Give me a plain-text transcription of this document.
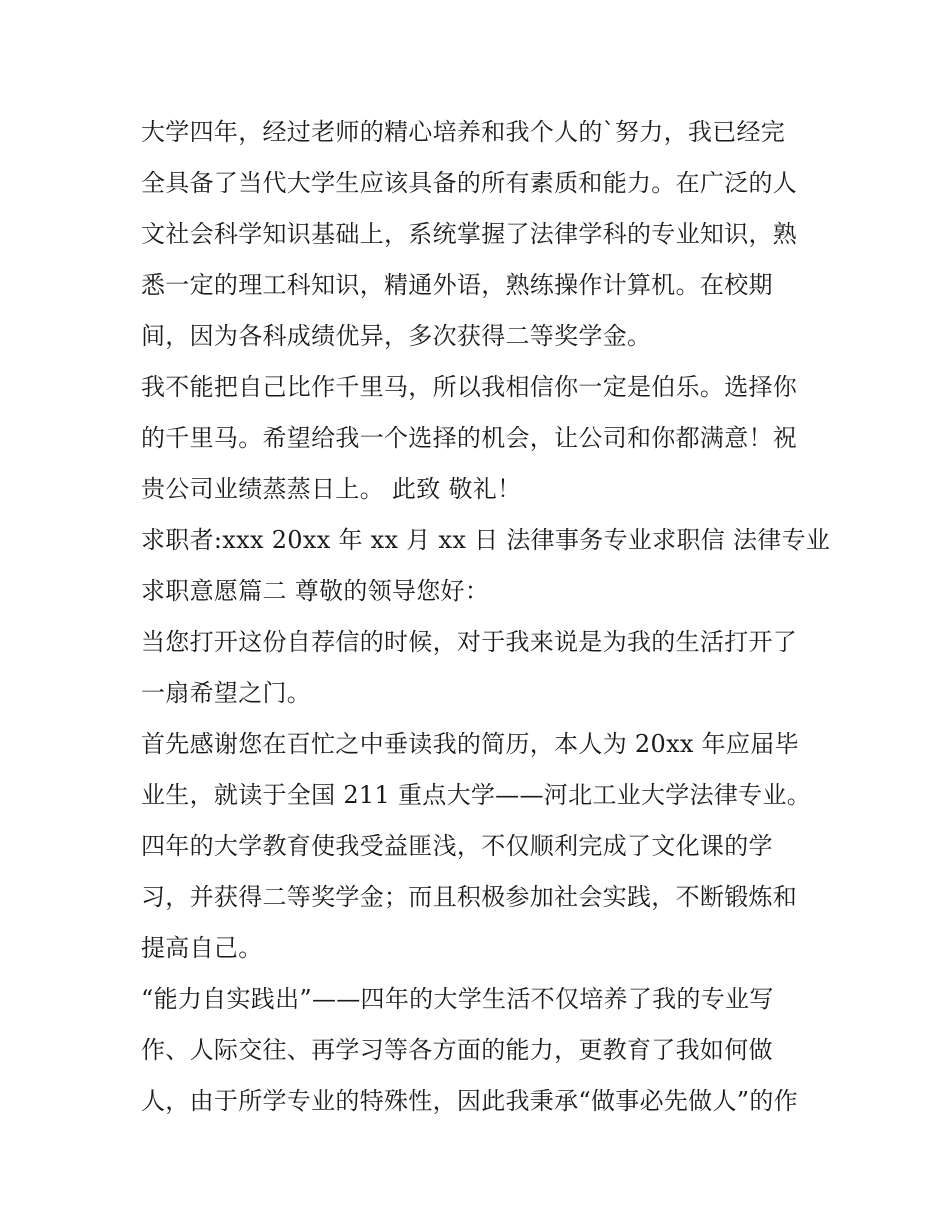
大学四年，经过老师的精心培养和我个人的`努力，我已经完
全具备了当代大学生应该具备的所有素质和能力。在广泛的人
文社会科学知识基础上，系统掌握了法律学科的专业知识，熟
悉一定的理工科知识，精通外语，熟练操作计算机。在校期
间，因为各科成绩优异，多次获得二等奖学金。
我不能把自己比作千里马，所以我相信你一定是伯乐。选择你
的千里马。希望给我一个选择的机会，让公司和你都满意！祝
贵公司业绩蒸蒸日上。 此致 敬礼！
求职者:xxx 20xx 年 xx 月 xx 日 法律事务专业求职信 法律专业
求职意愿篇二 尊敬的领导您好：
当您打开这份自荐信的时候，对于我来说是为我的生活打开了
一扇希望之门。
首先感谢您在百忙之中垂读我的简历，本人为 20xx 年应届毕
业生，就读于全国 211 重点大学——河北工业大学法律专业。
四年的大学教育使我受益匪浅，不仅顺利完成了文化课的学
习，并获得二等奖学金；而且积极参加社会实践，不断锻炼和
提高自己。
“能力自实践出”——四年的大学生活不仅培养了我的专业写
作、人际交往、再学习等各方面的能力，更教育了我如何做
人，由于所学专业的特殊性，因此我秉承“做事必先做人”的作
